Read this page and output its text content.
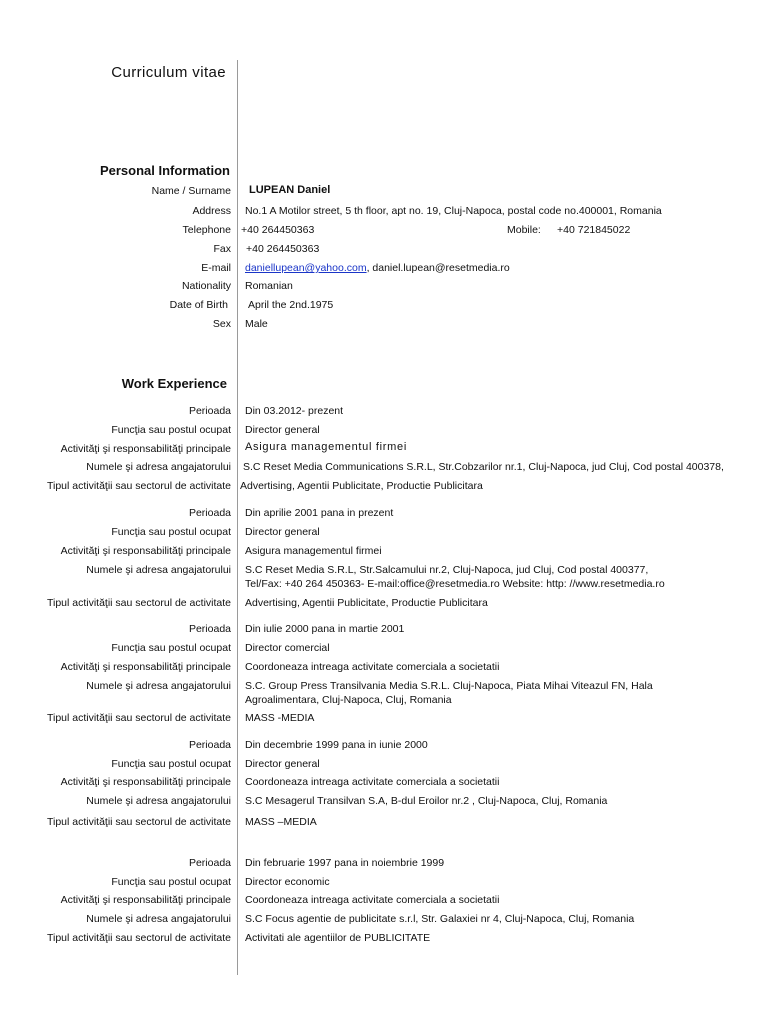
Curriculum vitae
Personal Information
Name / Surname LUPEAN Daniel
Address No.1 A Motilor street, 5 th floor, apt no. 19, Cluj-Napoca, postal code no.400001, Romania
Telephone +40 264450363	Mobile: +40 721845022
Fax +40 264450363
E-mail daniellupean@yahoo.com, daniel.lupean@resetmedia.ro
Nationality Romanian
Date of Birth April the 2nd.1975
Sex Male
Work Experience
Perioada Din 03.2012- prezent
Funcţia sau postul ocupat Director general
Activităţi şi responsabilităţi principale Asigura managementul firmei
Numele şi adresa angajatorului S.C Reset Media Communications S.R.L, Str.Cobzarilor nr.1, Cluj-Napoca, jud Cluj, Cod postal 400378,
Tipul activităţii sau sectorul de activitate Advertising, Agentii Publicitate, Productie Publicitara
Perioada Din aprilie 2001 pana in prezent
Funcţia sau postul ocupat Director general
Activităţi şi responsabilităţi principale Asigura managementul firmei
Numele şi adresa angajatorului S.C Reset Media S.R.L, Str.Salcamului nr.2, Cluj-Napoca, jud Cluj, Cod postal 400377,
Tel/Fax: +40 264 450363- E-mail:office@resetmedia.ro Website: http: //www.resetmedia.ro
Tipul activităţii sau sectorul de activitate Advertising, Agentii Publicitate, Productie Publicitara
Perioada Din iulie 2000 pana in martie 2001
Funcţia sau postul ocupat Director comercial
Activităţi şi responsabilităţi principale Coordoneaza intreaga activitate comerciala a societatii
Numele şi adresa angajatorului S.C. Group Press Transilvania Media S.R.L. Cluj-Napoca, Piata Mihai Viteazul FN, Hala
Agroalimentara, Cluj-Napoca, Cluj, Romania
Tipul activităţii sau sectorul de activitate MASS -MEDIA
Perioada Din decembrie 1999 pana in iunie 2000
Funcţia sau postul ocupat Director general
Activităţi şi responsabilităţi principale Coordoneaza intreaga activitate comerciala a societatii
Numele şi adresa angajatorului S.C Mesagerul Transilvan S.A, B-dul Eroilor nr.2 , Cluj-Napoca, Cluj, Romania
Tipul activităţii sau sectorul de activitate MASS –MEDIA
Perioada Din februarie 1997 pana in noiembrie 1999
Funcţia sau postul ocupat Director economic
Activităţi şi responsabilităţi principale Coordoneaza intreaga activitate comerciala a societatii
Numele şi adresa angajatorului S.C Focus agentie de publicitate s.r.l, Str. Galaxiei nr 4, Cluj-Napoca, Cluj, Romania
Tipul activităţii sau sectorul de activitate Activitati ale agentiilor de PUBLICITATE
